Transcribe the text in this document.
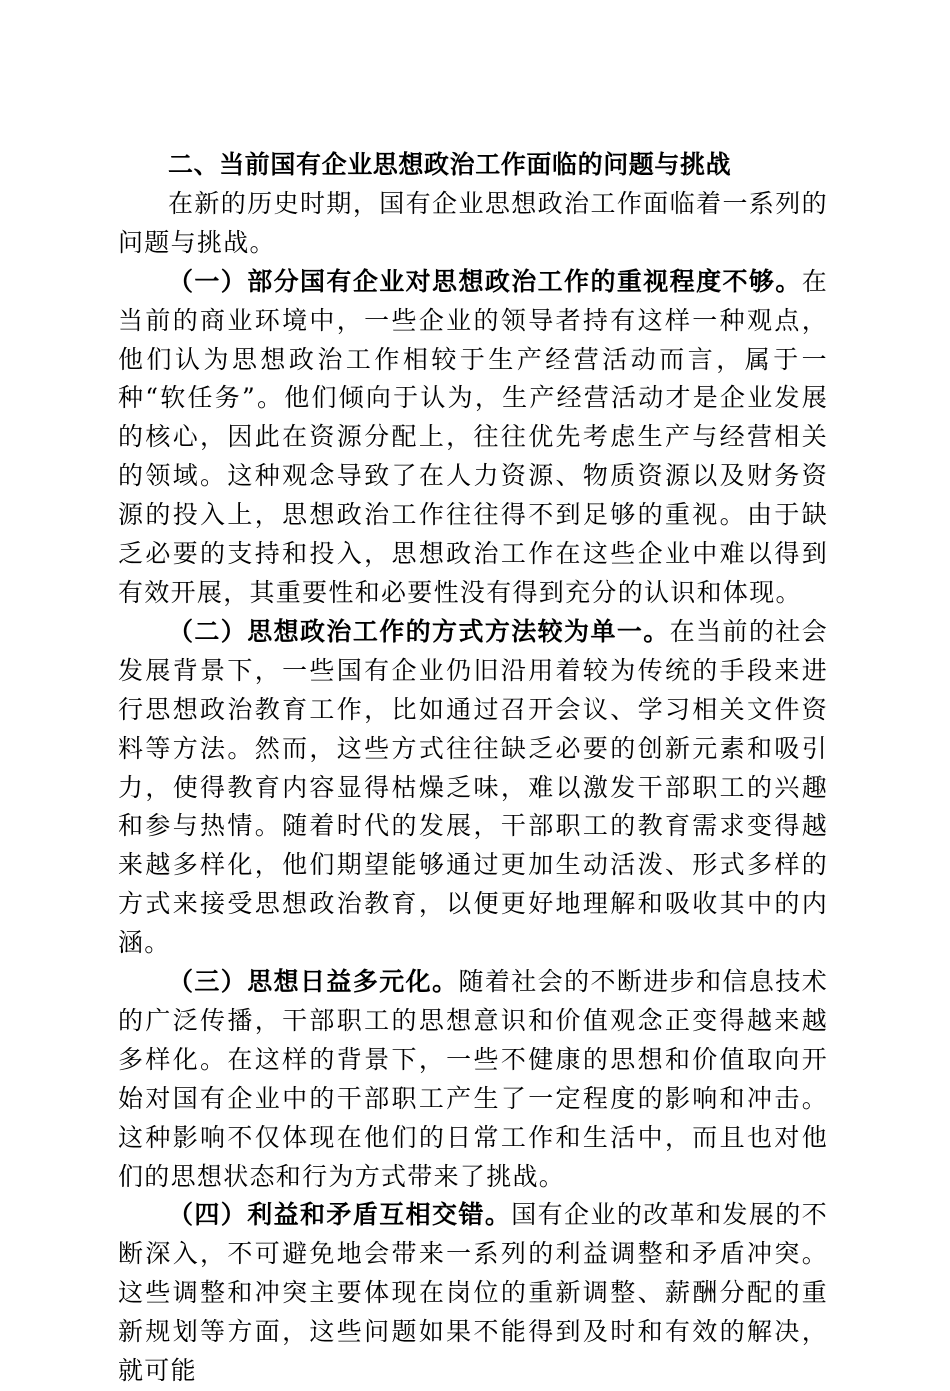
二、当前国有企业思想政治工作面临的问题与挑战

在新的历史时期，国有企业思想政治工作面临着一系列的问题与挑战。

（一）部分国有企业对思想政治工作的重视程度不够。在当前的商业环境中，一些企业的领导者持有这样一种观点，他们认为思想政治工作相较于生产经营活动而言，属于一种“软任务”。他们倾向于认为，生产经营活动才是企业发展的核心，因此在资源分配上，往往优先考虑生产与经营相关的领域。这种观念导致了在人力资源、物质资源以及财务资源的投入上，思想政治工作往往得不到足够的重视。由于缺乏必要的支持和投入，思想政治工作在这些企业中难以得到有效开展，其重要性和必要性没有得到充分的认识和体现。

（二）思想政治工作的方式方法较为单一。在当前的社会发展背景下，一些国有企业仍旧沿用着较为传统的手段来进行思想政治教育工作，比如通过召开会议、学习相关文件资料等方法。然而，这些方式往往缺乏必要的创新元素和吸引力，使得教育内容显得枯燥乏味，难以激发干部职工的兴趣和参与热情。随着时代的发展，干部职工的教育需求变得越来越多样化，他们期望能够通过更加生动活泼、形式多样的方式来接受思想政治教育，以便更好地理解和吸收其中的内涵。

（三）思想日益多元化。随着社会的不断进步和信息技术的广泛传播，干部职工的思想意识和价值观念正变得越来越多样化。在这样的背景下，一些不健康的思想和价值取向开始对国有企业中的干部职工产生了一定程度的影响和冲击。这种影响不仅体现在他们的日常工作和生活中，而且也对他们的思想状态和行为方式带来了挑战。

（四）利益和矛盾互相交错。国有企业的改革和发展的不断深入，不可避免地会带来一系列的利益调整和矛盾冲突。这些调整和冲突主要体现在岗位的重新调整、薪酬分配的重新规划等方面，这些问题如果不能得到及时和有效的解决，就可能
